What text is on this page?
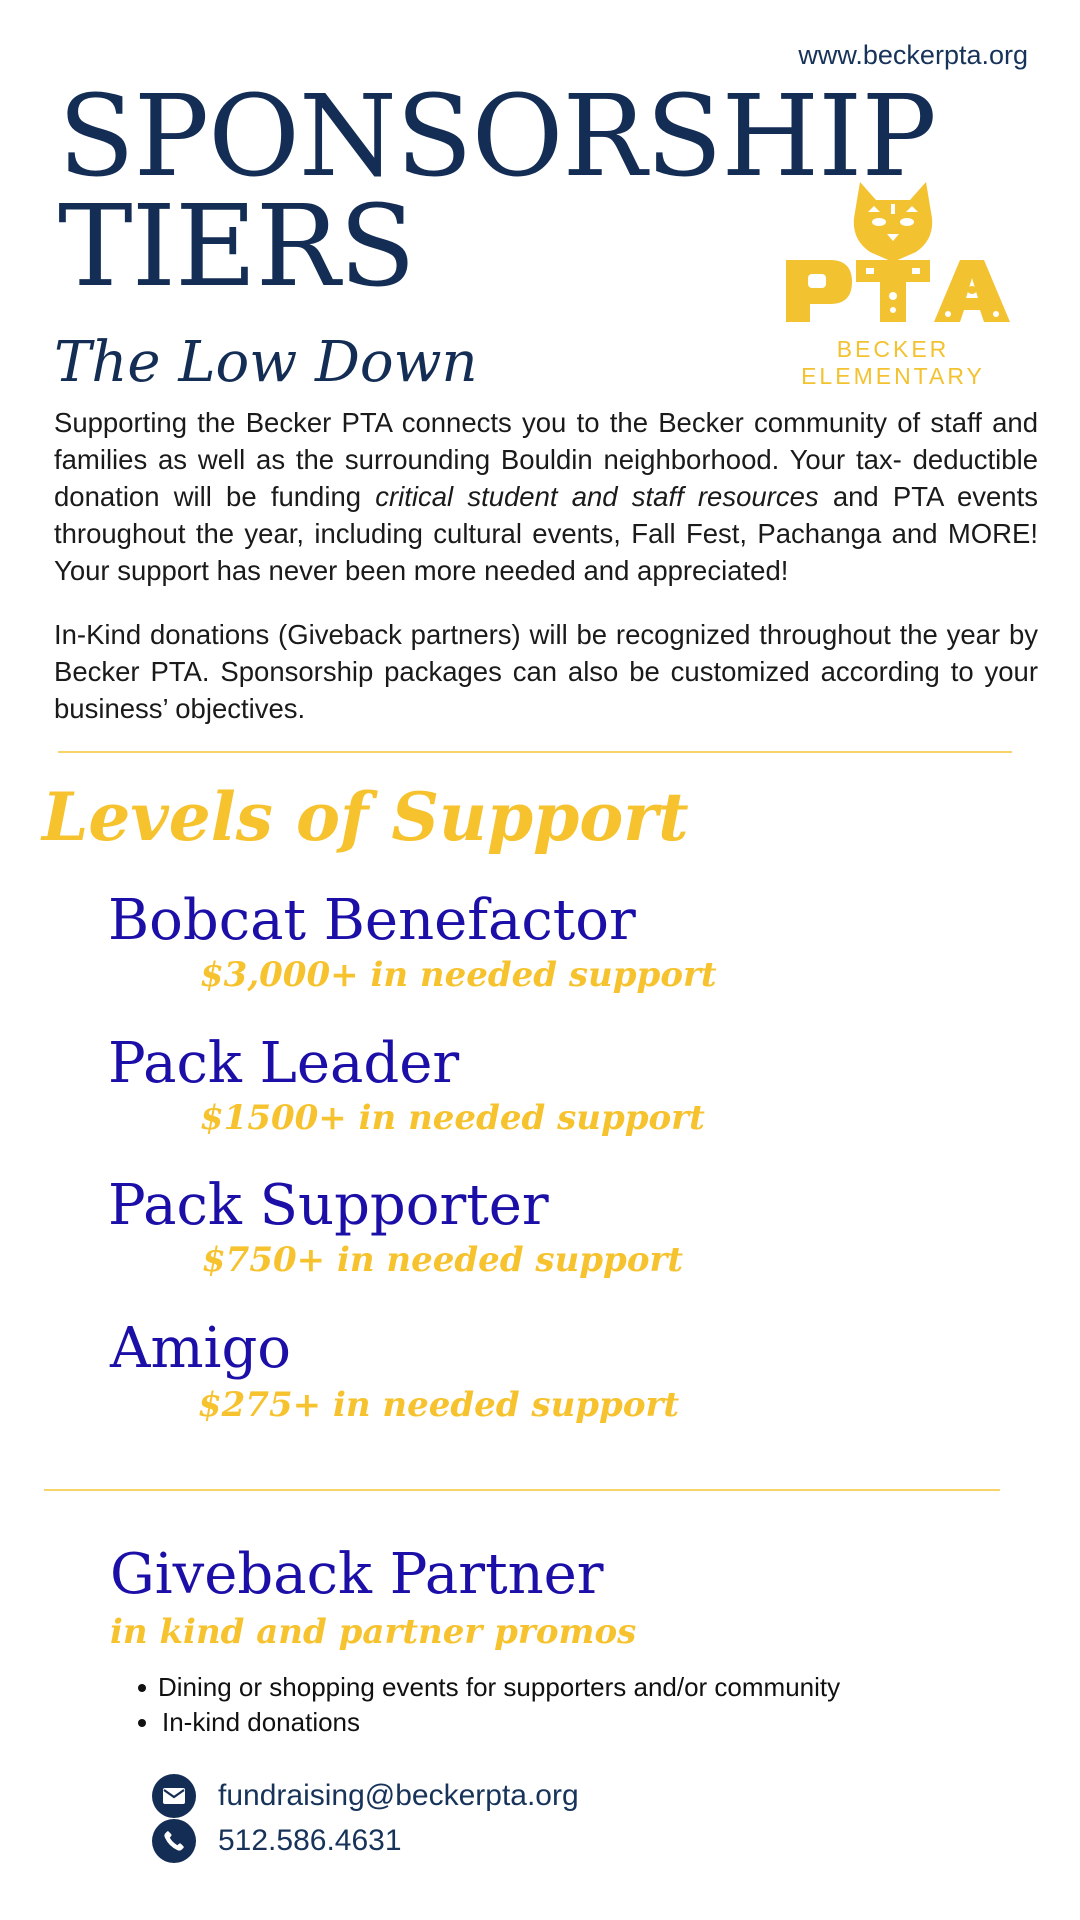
www.beckerpta.org
SPONSORSHIP
TIERS
BECKER ELEMENTARY
The Low Down

Supporting the Becker PTA connects you to the Becker community of staff and families as well as the surrounding Bouldin neighborhood. Your tax- deductible donation will be funding critical student and staff resources and PTA events throughout the year, including cultural events, Fall Fest, Pachanga and MORE! Your support has never been more needed and appreciated!

In-Kind donations (Giveback partners) will be recognized throughout the year by Becker PTA. Sponsorship packages can also be customized according to your business’ objectives.

Levels of Support
Bobcat Benefactor
$3,000+ in needed support
Pack Leader
$1500+ in needed support
Pack Supporter
$750+ in needed support
Amigo
$275+ in needed support
Giveback Partner
in kind and partner promos
Dining or shopping events for supporters and/or community
In-kind donations
fundraising@beckerpta.org
512.586.4631
